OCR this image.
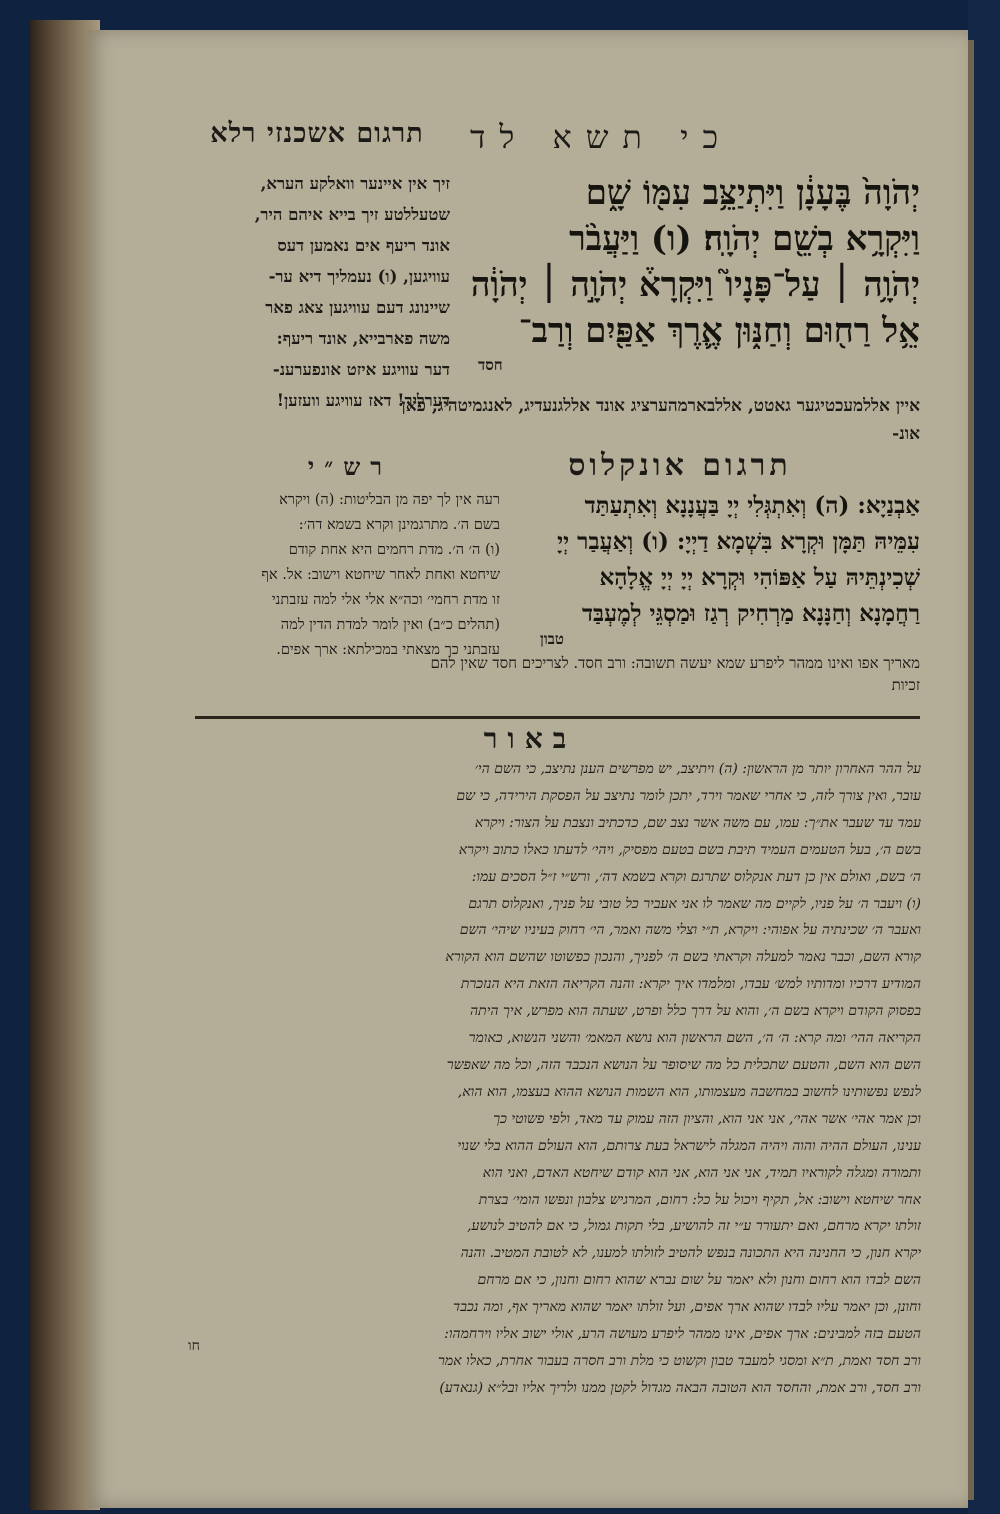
תרגום אשכנזי רלא	כי תשא לד
יְהֹוָה֙ בֶּעָנָ֔ן וַיִּתְיַצֵּ֥ב עִמּ֖וֹ שָׁ֑ם
וַיִּקְרָ֥א בְשֵׁ֖ם יְהֹוָֽה׃ (ו) וַיַּעֲבֹ֨ר
יְהֹוָ֥ה ׀ עַל־פָּנָיו֮ וַיִּקְרָא֒ יְהֹוָ֣ה ׀ יְהֹוָ֔ה
אֵ֥ל רַח֖וּם וְחַנּ֑וּן אֶ֛רֶךְ אַפַּ֖יִם וְרַב־
חסד
זיך אין איינער וואלקע הערא,
שטעללטע זיך בייא איהם היר,
אונד ריעף אים נאמען דעס
עוויגען, (ו) נעמליך דיא ער-
שיינונג דעם עוויגען צאג פאר
משה פארבייא, אונד ריעף:
דער עוויגע איזט אונפערענ-
דערליך! דאז עוויגע וועזען!
איין אללמעכטיגער גאטט, אללבארמהערציג אונד אללגנעדיג, לאנגמיטהיג, פאן
אונ-
תרגום אונקלוס
רש״י
אַבְנַיָא: (ה) וְאִתְגְּלִי יְיָ בַּעֲנָנָא וְאִתְעַתַּד
עִמֵּיהּ תַּמָּן וּקְרָא בִּשְׁמָא דַיְיָ: (ו) וְאַעֲבַר יְיָ
שְׁכִינְתֵּיהּ עַל אַפּוֹהִי וּקְרָא יְיָ יְיָ אֱלָהָא
רַחֲמָנָא וְחַנָּנָא מַרְחִיק רְגַז וּמַסְגֵּי לְמֶעְבַּד
טבון
רעה אין לך יפה מן הבליטות: (ה) ויקרא
בשם ה׳. מתרגמינן וקרא בשמא דה׳:
(ו) ה׳ ה׳. מדת רחמים היא אחת קודם
שיחטא ואחת לאחר שיחטא וישוב: אל. אף
זו מדת רחמי׳ וכה״א אלי אלי למה עזבתני
(תהלים כ״ב) ואין לומר למדת הדין למה
עזבתני כך מצאתי במכילתא: ארך אפים.
מאריך אפו ואינו ממהר ליפרע שמא יעשה תשובה: ורב חסד. לצריכים חסד שאין להם
זכיות
באור
על ההר האחרון יותר מן הראשון: (ה) ויתיצב, יש מפרשים הענן נתיצב, כי השם הי׳
עובר, ואין צורך לזה, כי אחרי שאמר וירד, יתכן לומר נתיצב על הפסקת הירידה, כי שם
עמד עד שעבר את״ך: עמו, עם משה אשר נצב שם, כדכתיב ונצבת על הצור: ויקרא
בשם ה׳, בעל הטעמים העמיד תיבת בשם בטעם מפסיק, ויהי׳ לדעתו כאלו כתוב ויקרא
ה׳ בשם, ואולם אין כן דעת אנקלוס שתרגם וקרא בשמא דה׳, ורש״י ז״ל הסכים עמו:
(ו) ויעבר ה׳ על פניו, לקיים מה שאמר לו אני אעביר כל טובי על פניך, ואנקלוס תרגם
ואעבר ה׳ שכינתיה על אפוהי: ויקרא, ת״י וצלי משה ואמר, הי׳ רחוק בעיניו שיהי׳ השם
קורא השם, וכבר נאמר למעלה וקראתי בשם ה׳ לפניך, והנכון כפשוטו שהשם הוא הקורא
המודיע דרכיו ומדותיו למש׳ עבדו, ומלמדו איך יקרא: והנה הקריאה הזאת היא הנזכרת
בפסוק הקודם ויקרא בשם ה׳, והוא על דרך כלל ופרט, שעתה הוא מפרש, איך היתה
הקריאה ההי׳ ומה קרא: ה׳ ה׳, השם הראשון הוא נושא המאמ׳ והשני הנשוא, כאומר
השם הוא השם, והטעם שתכלית כל מה שיסופר על הנושא הנכבד הזה, וכל מה שאפשר
לנפש נפשותינו לחשוב במחשבה מעצמותו, הוא השמות הנושא ההוא בעצמו, הוא הוא,
וכן אמר אהי׳ אשר אהי׳, אני אני הוא, והציון הזה עמוק עד מאד, ולפי פשוטי כך
ענינו, העולם ההיה והוה ויהיה המגלה לישראל בעת צרותם, הוא העולם ההוא בלי שנוי
ותמורה ומגלה לקוראיו תמיד, אני אני הוא, אני הוא קודם שיחטא האדם, ואני הוא
אחר שיחטא וישוב: אל, תקיף ויכול על כל: רחום, המרגיש צלבון ונפשו הומי׳ בצרת
זולתו יקרא מרחם, ואם יתעורר ע״י זה להושיע, בלי תקות גמול, כי אם להטיב לנושע,
יקרא חנון, כי החנינה היא התכונה בנפש להטיב לזולתו למענו, לא לטובת המטיב. והנה
השם לבדו הוא רחום וחנון ולא יאמר על שום נברא שהוא רחום וחנון, כי אם מרחם
וחונן, וכן יאמר עליו לבדו שהוא ארך אפים, ועל זולתו יאמר שהוא מאריך אף, ומה נכבד
הטעם בזה למבינים: ארך אפים, אינו ממהר ליפרע מעושה הרע, אולי ישוב אליו וירחמהו:
ורב חסד ואמת, ת״א ומסגי למעבד טבון וקשוט כי מלת ורב חסרה בעבור אחרת, כאלו אמר
ורב חסד, ורב אמת, והחסד הוא הטובה הבאה מגדול לקטן ממנו ולריך אליו ובל״א (גנאדע)
חו
